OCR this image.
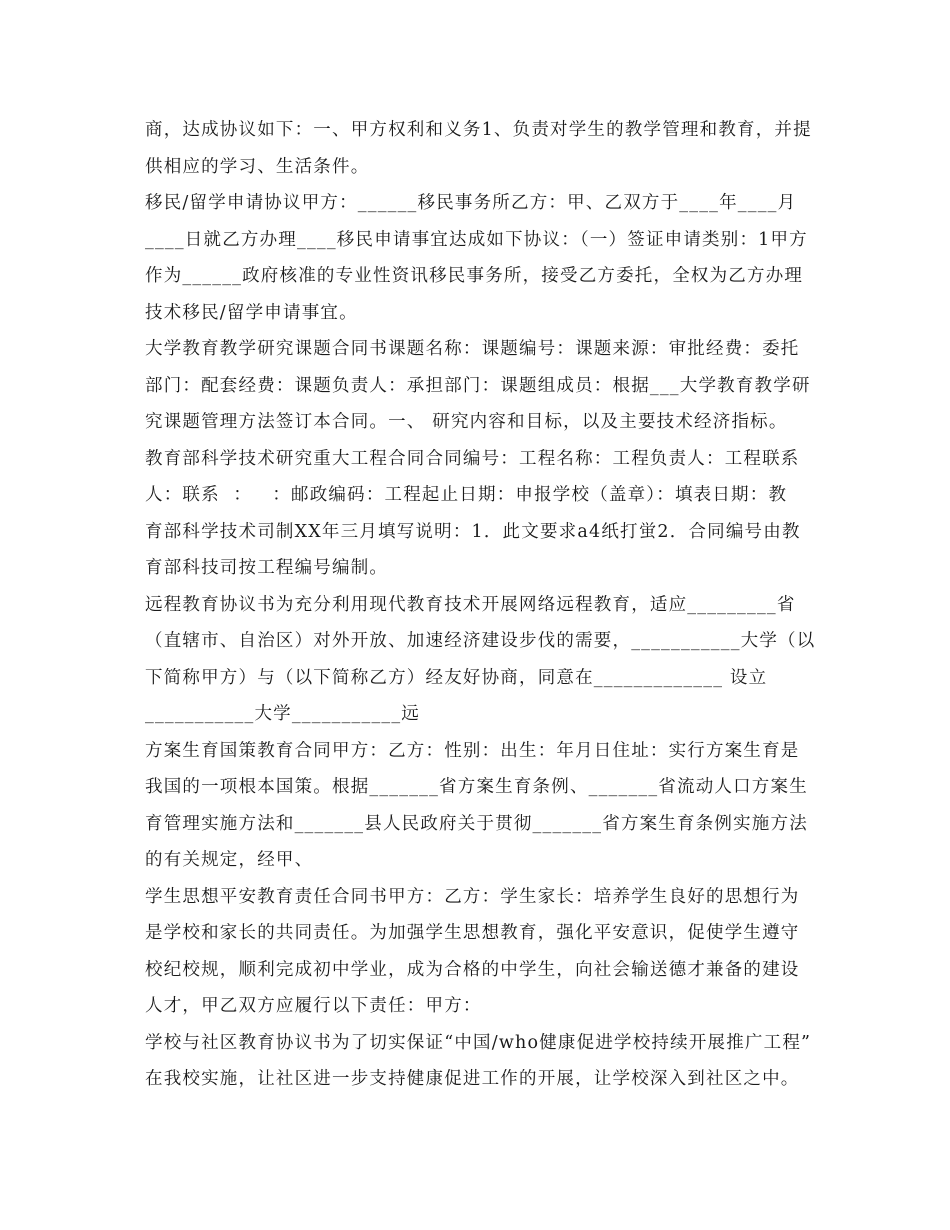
商，达成协议如下：一、甲方权利和义务1、负责对学生的教学管理和教育，并提
供相应的学习、生活条件。
移民/留学申请协议甲方：______移民事务所乙方：甲、乙双方于____年____月
____日就乙方办理____移民申请事宜达成如下协议：（一）签证申请类别：1甲方
作为______政府核准的专业性资讯移民事务所，接受乙方委托，全权为乙方办理
技术移民/留学申请事宜。
大学教育教学研究课题合同书课题名称：课题编号：课题来源：审批经费：委托
部门：配套经费：课题负责人：承担部门：课题组成员：根据___大学教育教学研
究课题管理方法签订本合同。一、 研究内容和目标，以及主要技术经济指标。
教育部科学技术研究重大工程合同合同编号：工程名称：工程负责人：工程联系
人：联系  ：   ：邮政编码：工程起止日期：申报学校（盖章）：填表日期：教
育部科学技术司制XX年三月填写说明：1．此文要求a4纸打蛍2．合同编号由教
育部科技司按工程编号编制。
远程教育协议书为充分利用现代教育技术开展网络远程教育，适应_________省
（直辖市、自治区）对外开放、加速经济建设步伐的需要，___________大学（以
下简称甲方）与（以下简称乙方）经友好协商，同意在_____________ 设立
___________大学___________远
方案生育国策教育合同甲方：乙方：性别：出生：年月日住址：实行方案生育是
我国的一项根本国策。根据_______省方案生育条例、_______省流动人口方案生
育管理实施方法和_______县人民政府关于贯彻_______省方案生育条例实施方法
的有关规定，经甲、
学生思想平安教育责任合同书甲方：乙方：学生家长：培养学生良好的思想行为
是学校和家长的共同责任。为加强学生思想教育，强化平安意识，促使学生遵守
校纪校规，顺利完成初中学业，成为合格的中学生，向社会输送德才兼备的建设
人才，甲乙双方应履行以下责任：甲方：
学校与社区教育协议书为了切实保证“中国/who健康促进学校持续开展推广工程”
在我校实施，让社区进一步支持健康促进工作的开展，让学校深入到社区之中。
